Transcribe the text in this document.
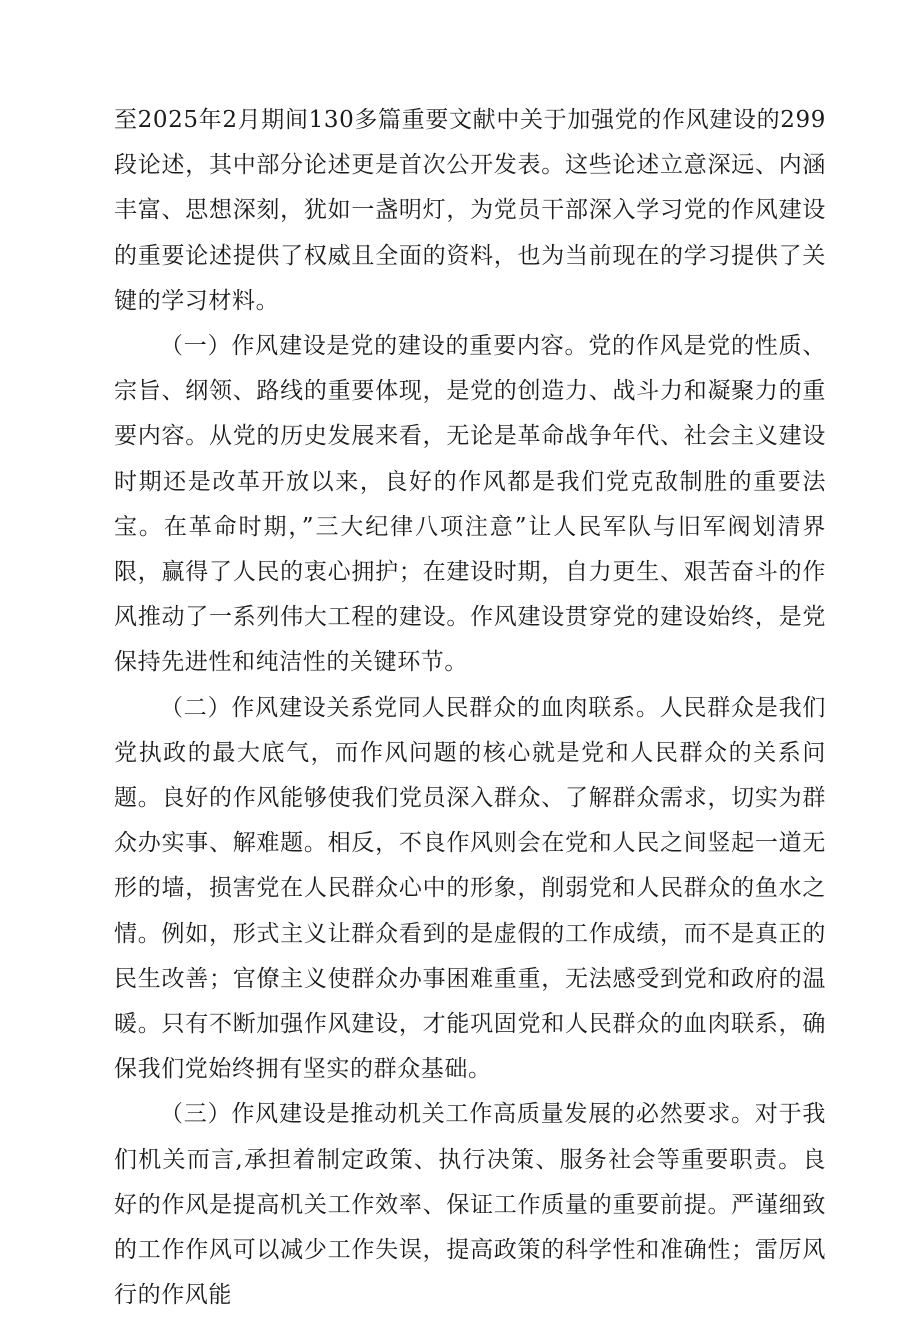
至2025年2月期间130多篇重要文献中关于加强党的作风建设的299段论述，其中部分论述更是首次公开发表。这些论述立意深远、内涵丰富、思想深刻，犹如一盏明灯，为党员干部深入学习党的作风建设的重要论述提供了权威且全面的资料，也为当前现在的学习提供了关键的学习材料。

（一）作风建设是党的建设的重要内容。党的作风是党的性质、宗旨、纲领、路线的重要体现，是党的创造力、战斗力和凝聚力的重要内容。从党的历史发展来看，无论是革命战争年代、社会主义建设时期还是改革开放以来，良好的作风都是我们党克敌制胜的重要法宝。在革命时期，”三大纪律八项注意”让人民军队与旧军阀划清界限，赢得了人民的衷心拥护；在建设时期，自力更生、艰苦奋斗的作风推动了一系列伟大工程的建设。作风建设贯穿党的建设始终，是党保持先进性和纯洁性的关键环节。

（二）作风建设关系党同人民群众的血肉联系。人民群众是我们党执政的最大底气，而作风问题的核心就是党和人民群众的关系问题。良好的作风能够使我们党员深入群众、了解群众需求，切实为群众办实事、解难题。相反，不良作风则会在党和人民之间竖起一道无形的墙，损害党在人民群众心中的形象，削弱党和人民群众的鱼水之情。例如，形式主义让群众看到的是虚假的工作成绩，而不是真正的民生改善；官僚主义使群众办事困难重重，无法感受到党和政府的温暖。只有不断加强作风建设，才能巩固党和人民群众的血肉联系，确保我们党始终拥有坚实的群众基础。

（三）作风建设是推动机关工作高质量发展的必然要求。对于我们机关而言,承担着制定政策、执行决策、服务社会等重要职责。良好的作风是提高机关工作效率、保证工作质量的重要前提。严谨细致的工作作风可以减少工作失误，提高政策的科学性和准确性；雷厉风行的作风能
